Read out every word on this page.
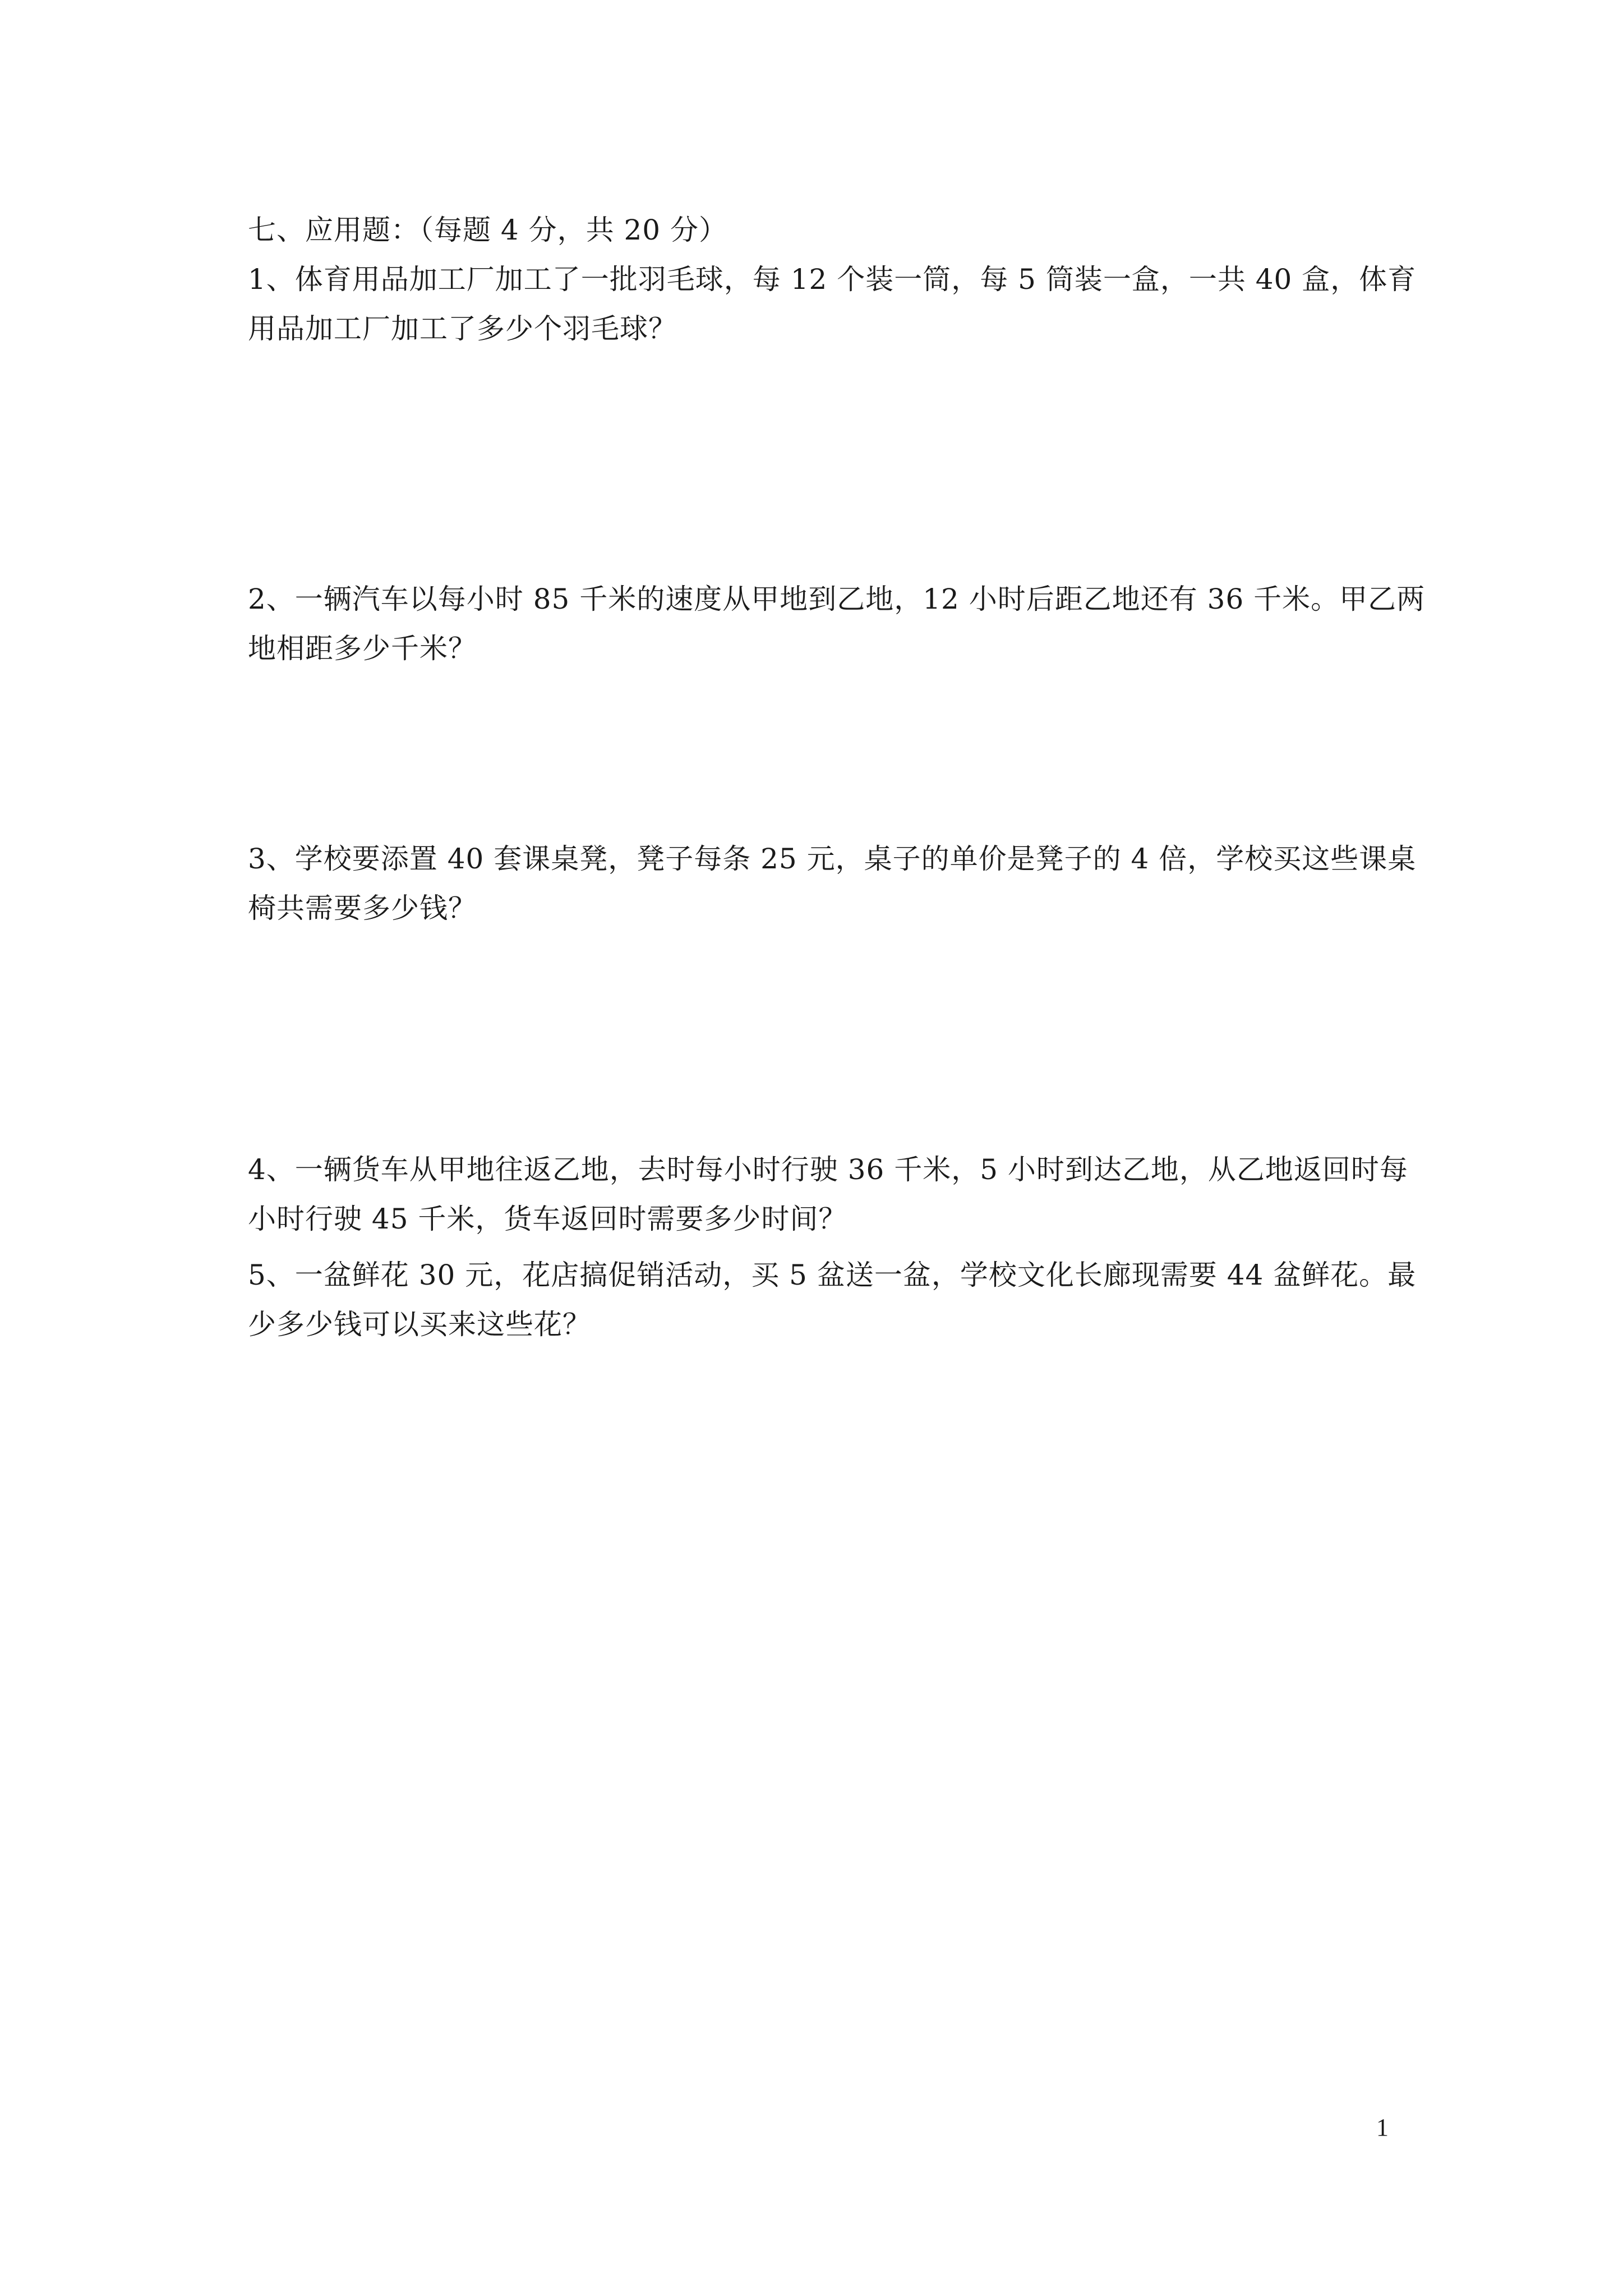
七、应用题：（每题 4 分，共 20 分）
1、体育用品加工厂加工了一批羽毛球，每 12 个装一筒，每 5 筒装一盒，一共 40 盒，体育
用品加工厂加工了多少个羽毛球？
2、一辆汽车以每小时 85 千米的速度从甲地到乙地，12 小时后距乙地还有 36 千米。甲乙两
地相距多少千米？
3、学校要添置 40 套课桌凳，凳子每条 25 元，桌子的单价是凳子的 4 倍，学校买这些课桌
椅共需要多少钱？
4、一辆货车从甲地往返乙地，去时每小时行驶 36 千米，5 小时到达乙地，从乙地返回时每
小时行驶 45 千米，货车返回时需要多少时间？
5、一盆鲜花 30 元，花店搞促销活动，买 5 盆送一盆，学校文化长廊现需要 44 盆鲜花。最
少多少钱可以买来这些花？
1
